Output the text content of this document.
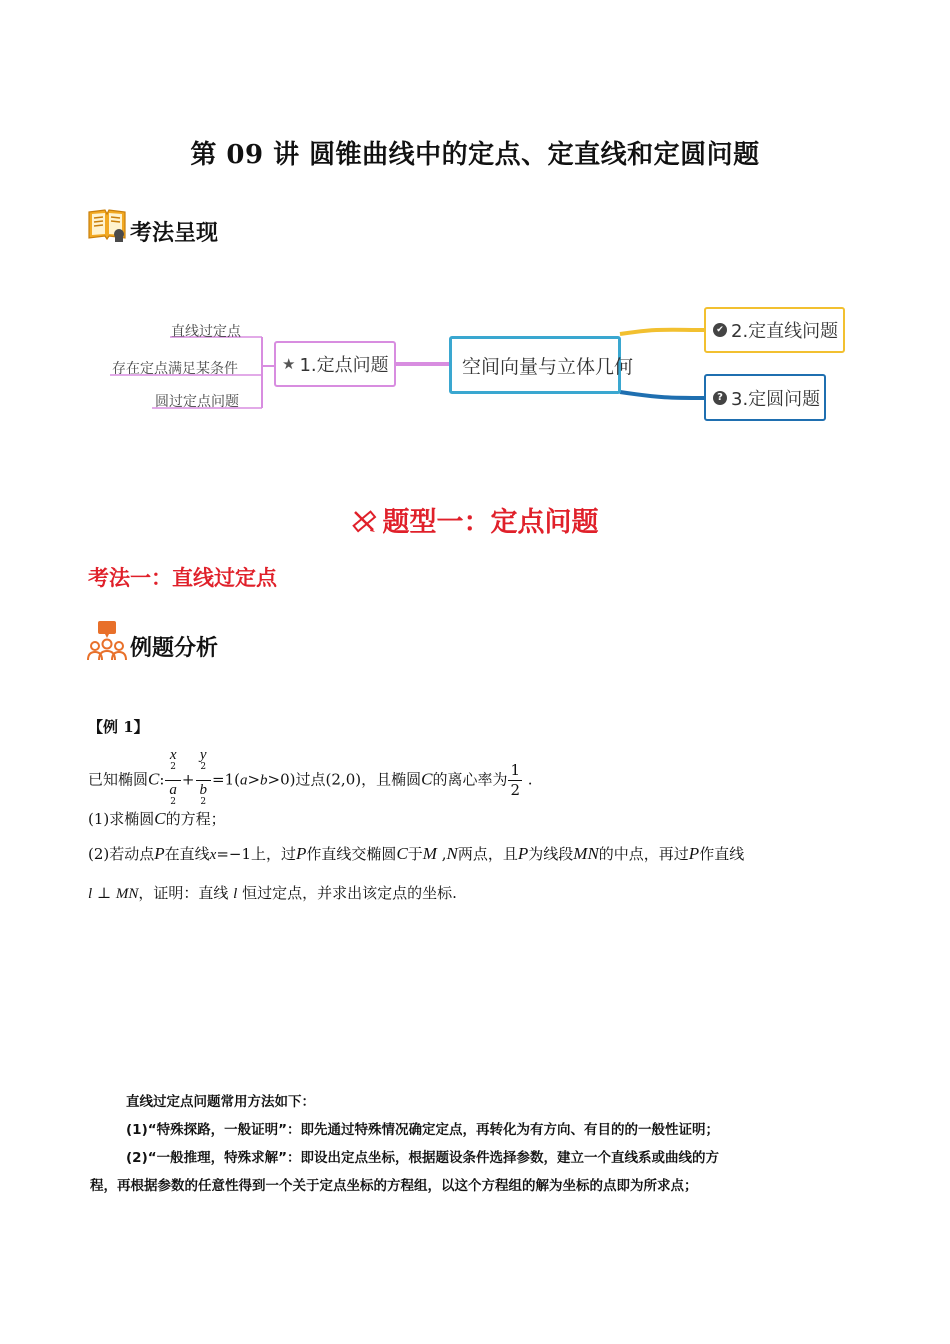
第 09 讲 圆锥曲线中的定点、定直线和定圆问题
考法呈现
直线过定点
存在定点满足某条件
圆过定点问题
★ 1.定点问题	空间向量与立体几何
✔ 2.定直线问题
? 3.定圆问题
题型一：定点问题
考法一：直线过定点
例题分析
【例 1】
已知椭圆C: x
$^2$
a
$^2$ + y
$^2$
b
$^2$ =1(a>b>0)过点(2,0)，且椭圆C的离心率为 $\frac{1}{2}$ .
(1)求椭圆C的方程；
(2)若动点P在直线x=−1上，过P作直线交椭圆C于M ,N两点，且P为线段MN的中点，再过P作直线
l ⊥ MN，证明：直线 l 恒过定点，并求出该定点的坐标.
直线过定点问题常用方法如下：
(1)“特殊探路，一般证明”：即先通过特殊情况确定定点，再转化为有方向、有目的的一般性证明；
(2)“一般推理，特殊求解”：即设出定点坐标，根据题设条件选择参数，建立一个直线系或曲线的方
程，再根据参数的任意性得到一个关于定点坐标的方程组，以这个方程组的解为坐标的点即为所求点；
